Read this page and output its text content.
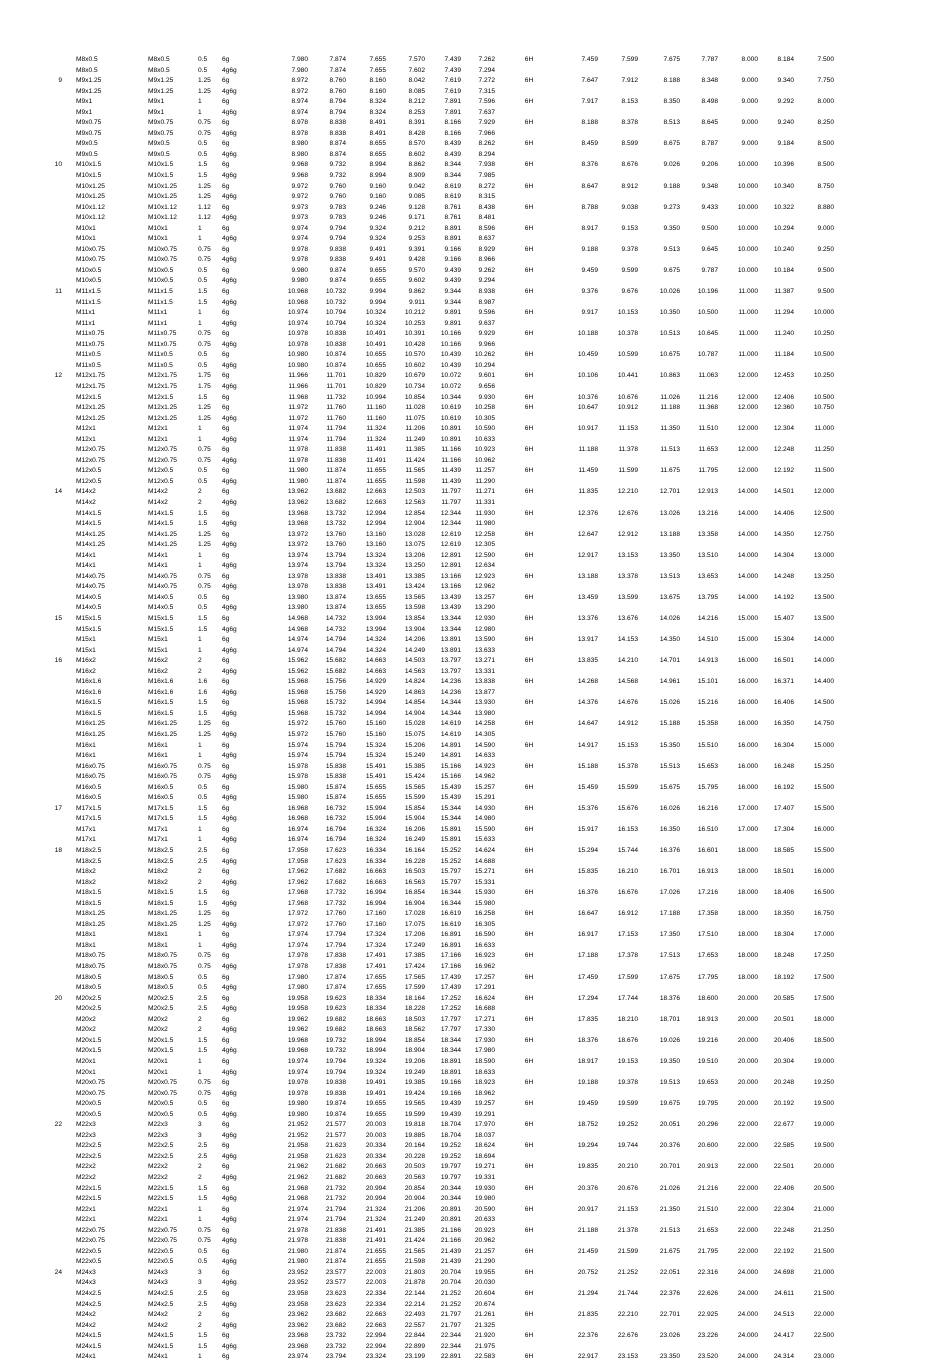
M8x0.5	M8x0.5	0.5 6g	7.980	7.874	7.655	7.570	7.439	7.262	6H	7.459	7.599	7.675	7.787	8.000	8.184	7.500
M8x0.5	M8x0.5	0.5 4g6g	7.980	7.874	7.655	7.602	7.439	7.294
9 M9x1.25	M9x1.25	1.25 6g	8.972	8.760	8.160	8.042	7.619	7.272	6H	7.647	7.912	8.188	8.348	9.000	9.340	7.750
M9x1.25	M9x1.25	1.25 4g6g	8.972	8.760	8.160	8.085	7.619	7.315
M9x1	M9x1	1	6g	8.974	8.794	8.324	8.212	7.891	7.596	6H	7.917	8.153	8.350	8.498	9.000	9.292	8.000
M9x1	M9x1	1	4g6g	8.974	8.794	8.324	8.253	7.891	7.637
M9x0.75	M9x0.75	0.75 6g	8.978	8.838	8.491	8.391	8.166	7.929	6H	8.188	8.378	8.513	8.645	9.000	9.240	8.250
M9x0.75	M9x0.75	0.75 4g6g	8.978	8.838	8.491	8.428	8.166	7.966
M9x0.5	M9x0.5	0.5 6g	8.980	8.874	8.655	8.570	8.439	8.262	6H	8.459	8.599	8.675	8.787	9.000	9.184	8.500
M9x0.5	M9x0.5	0.5 4g6g	8.980	8.874	8.655	8.602	8.439	8.294
10 M10x1.5	M10x1.5	1.5 6g	9.968	9.732	8.994	8.862	8.344	7.938	6H	8.376	8.676	9.026	9.206	10.000	10.396	8.500
M10x1.5	M10x1.5	1.5 4g6g	9.968	9.732	8.994	8.909	8.344	7.985
M10x1.25	M10x1.25	1.25 6g	9.972	9.760	9.160	9.042	8.619	8.272	6H	8.647	8.912	9.188	9.348	10.000	10.340	8.750
M10x1.25	M10x1.25	1.25 4g6g	9.972	9.760	9.160	9.085	8.619	8.315
M10x1.12	M10x1.12	1.12 6g	9.973	9.783	9.246	9.128	8.761	8.438	6H	8.788	9.038	9.273	9.433	10.000	10.322	8.880
M10x1.12	M10x1.12	1.12 4g6g	9.973	9.783	9.246	9.171	8.761	8.481
M10x1	M10x1	1	6g	9.974	9.794	9.324	9.212	8.891	8.596	6H	8.917	9.153	9.350	9.500	10.000	10.294	9.000
M10x1	M10x1	1	4g6g	9.974	9.794	9.324	9.253	8.891	8.637
M10x0.75	M10x0.75	0.75 6g	9.978	9.838	9.491	9.391	9.166	8.929	6H	9.188	9.378	9.513	9.645	10.000	10.240	9.250
M10x0.75	M10x0.75	0.75 4g6g	9.978	9.838	9.491	9.428	9.166	8.966
M10x0.5	M10x0.5	0.5 6g	9.980	9.874	9.655	9.570	9.439	9.262	6H	9.459	9.599	9.675	9.787	10.000	10.184	9.500
M10x0.5	M10x0.5	0.5 4g6g	9.980	9.874	9.655	9.602	9.439	9.294
11 M11x1.5	M11x1.5	1.5 6g	10.968	10.732	9.994	9.862	9.344	8.938	6H	9.376	9.676	10.026	10.196	11.000	11.387	9.500
M11x1.5	M11x1.5	1.5 4g6g	10.968	10.732	9.994	9.911	9.344	8.987
M11x1	M11x1	1	6g	10.974	10.794	10.324	10.212	9.891	9.596	6H	9.917	10.153	10.350	10.500	11.000	11.294	10.000
M11x1	M11x1	1	4g6g	10.974	10.794	10.324	10.253	9.891	9.637
M11x0.75	M11x0.75	0.75 6g	10.978	10.838	10.491	10.391	10.166	9.929	6H	10.188	10.378	10.513	10.645	11.000	11.240	10.250
M11x0.75	M11x0.75	0.75 4g6g	10.978	10.838	10.491	10.428	10.166	9.966
M11x0.5	M11x0.5	0.5 6g	10.980	10.874	10.655	10.570	10.439	10.262	6H	10.459	10.599	10.675	10.787	11.000	11.184	10.500
M11x0.5	M11x0.5	0.5 4g6g	10.980	10.874	10.655	10.602	10.439	10.294
12 M12x1.75	M12x1.75	1.75 6g	11.966	11.701	10.829	10.679	10.072	9.601	6H	10.106	10.441	10.863	11.063	12.000	12.453	10.250
M12x1.75	M12x1.75	1.75 4g6g	11.966	11.701	10.829	10.734	10.072	9.656
M12x1.5	M12x1.5	1.5 6g	11.968	11.732	10.994	10.854	10.344	9.930	6H	10.376	10.676	11.026	11.216	12.000	12.406	10.500
M12x1.25	M12x1.25	1.25 6g	11.972	11.760	11.160	11.028	10.619	10.258	6H	10.647	10.912	11.188	11.368	12.000	12.360	10.750
M12x1.25	M12x1.25	1.25 4g6g	11.972	11.760	11.160	11.075	10.619	10.305
M12x1	M12x1	1	6g	11.974	11.794	11.324	11.206	10.891	10.590	6H	10.917	11.153	11.350	11.510	12.000	12.304	11.000
M12x1	M12x1	1	4g6g	11.974	11.794	11.324	11.249	10.891	10.633
M12x0.75	M12x0.75	0.75 6g	11.978	11.838	11.491	11.385	11.166	10.923	6H	11.188	11.378	11.513	11.653	12.000	12.248	11.250
M12x0.75	M12x0.75	0.75 4g6g	11.978	11.838	11.491	11.424	11.166	10.962
M12x0.5	M12x0.5	0.5 6g	11.980	11.874	11.655	11.565	11.439	11.257	6H	11.459	11.599	11.675	11.795	12.000	12.192	11.500
M12x0.5	M12x0.5	0.5 4g6g	11.980	11.874	11.655	11.598	11.439	11.290
14 M14x2	M14x2	2	6g	13.962	13.682	12.663	12.503	11.797	11.271	6H	11.835	12.210	12.701	12.913	14.000	14.501	12.000
M14x2	M14x2	2	4g6g	13.962	13.682	12.663	12.563	11.797	11.331
M14x1.5	M14x1.5	1.5 6g	13.968	13.732	12.994	12.854	12.344	11.930	6H	12.376	12.676	13.026	13.216	14.000	14.406	12.500
M14x1.5	M14x1.5	1.5 4g6g	13.968	13.732	12.994	12.904	12.344	11.980
M14x1.25	M14x1.25	1.25 6g	13.972	13.760	13.160	13.028	12.619	12.258	6H	12.647	12.912	13.188	13.358	14.000	14.350	12.750
M14x1.25	M14x1.25	1.25 4g6g	13.972	13.760	13.160	13.075	12.619	12.305
M14x1	M14x1	1	6g	13.974	13.794	13.324	13.206	12.891	12.590	6H	12.917	13.153	13.350	13.510	14.000	14.304	13.000
M14x1	M14x1	1	4g6g	13.974	13.794	13.324	13.250	12.891	12.634
M14x0.75	M14x0.75	0.75 6g	13.978	13.838	13.491	13.385	13.166	12.923	6H	13.188	13.378	13.513	13.653	14.000	14.248	13.250
M14x0.75	M14x0.75	0.75 4g6g	13.978	13.838	13.491	13.424	13.166	12.962
M14x0.5	M14x0.5	0.5 6g	13.980	13.874	13.655	13.565	13.439	13.257	6H	13.459	13.599	13.675	13.795	14.000	14.192	13.500
M14x0.5	M14x0.5	0.5 4g6g	13.980	13.874	13.655	13.598	13.439	13.290
15 M15x1.5	M15x1.5	1.5 6g	14.968	14.732	13.994	13.854	13.344	12.930	6H	13.376	13.676	14.026	14.216	15.000	15.407	13.500
M15x1.5	M15x1.5	1.5 4g6g	14.968	14.732	13.994	13.904	13.344	12.980
M15x1	M15x1	1	6g	14.974	14.794	14.324	14.206	13.891	13.590	6H	13.917	14.153	14.350	14.510	15.000	15.304	14.000
M15x1	M15x1	1	4g6g	14.974	14.794	14.324	14.249	13.891	13.633
16 M16x2	M16x2	2	6g	15.962	15.682	14.663	14.503	13.797	13.271	6H	13.835	14.210	14.701	14.913	16.000	16.501	14.000
M16x2	M16x2	2	4g6g	15.962	15.682	14.663	14.563	13.797	13.331
M16x1.6	M16x1.6	1.6 6g	15.968	15.756	14.929	14.824	14.236	13.838	6H	14.268	14.568	14.961	15.101	16.000	16.371	14.400
M16x1.6	M16x1.6	1.6 4g6g	15.968	15.756	14.929	14.863	14.236	13.877
M16x1.5	M16x1.5	1.5 6g	15.968	15.732	14.994	14.854	14.344	13.930	6H	14.376	14.676	15.026	15.216	16.000	16.406	14.500
M16x1.5	M16x1.5	1.5 4g6g	15.968	15.732	14.994	14.904	14.344	13.980
M16x1.25	M16x1.25	1.25 6g	15.972	15.760	15.160	15.028	14.619	14.258	6H	14.647	14.912	15.188	15.358	16.000	16.350	14.750
M16x1.25	M16x1.25	1.25 4g6g	15.972	15.760	15.160	15.075	14.619	14.305
M16x1	M16x1	1	6g	15.974	15.794	15.324	15.206	14.891	14.590	6H	14.917	15.153	15.350	15.510	16.000	16.304	15.000
M16x1	M16x1	1	4g6g	15.974	15.794	15.324	15.249	14.891	14.633
M16x0.75	M16x0.75	0.75 6g	15.978	15.838	15.491	15.385	15.166	14.923	6H	15.188	15.378	15.513	15.653	16.000	16.248	15.250
M16x0.75	M16x0.75	0.75 4g6g	15.978	15.838	15.491	15.424	15.166	14.962
M16x0.5	M16x0.5	0.5 6g	15.980	15.874	15.655	15.565	15.439	15.257	6H	15.459	15.599	15.675	15.795	16.000	16.192	15.500
M16x0.5	M16x0.5	0.5 4g6g	15.980	15.874	15.655	15.599	15.439	15.291
17 M17x1.5	M17x1.5	1.5 6g	16.968	16.732	15.994	15.854	15.344	14.930	6H	15.376	15.676	16.026	16.216	17.000	17.407	15.500
M17x1.5	M17x1.5	1.5 4g6g	16.968	16.732	15.994	15.904	15.344	14.980
M17x1	M17x1	1	6g	16.974	16.794	16.324	16.206	15.891	15.590	6H	15.917	16.153	16.350	16.510	17.000	17.304	16.000
M17x1	M17x1	1	4g6g	16.974	16.794	16.324	16.249	15.891	15.633
18 M18x2.5	M18x2.5	2.5 6g	17.958	17.623	16.334	16.164	15.252	14.624	6H	15.294	15.744	16.376	16.601	18.000	18.585	15.500
M18x2.5	M18x2.5	2.5 4g6g	17.958	17.623	16.334	16.228	15.252	14.688
M18x2	M18x2	2	6g	17.962	17.682	16.663	16.503	15.797	15.271	6H	15.835	16.210	16.701	16.913	18.000	18.501	16.000
M18x2	M18x2	2	4g6g	17.962	17.682	16.663	16.563	15.797	15.331
M18x1.5	M18x1.5	1.5 6g	17.968	17.732	16.994	16.854	16.344	15.930	6H	16.376	16.676	17.026	17.216	18.000	18.406	16.500
M18x1.5	M18x1.5	1.5 4g6g	17.968	17.732	16.994	16.904	16.344	15.980
M18x1.25	M18x1.25	1.25 6g	17.972	17.760	17.160	17.028	16.619	16.258	6H	16.647	16.912	17.188	17.358	18.000	18.350	16.750
M18x1.25	M18x1.25	1.25 4g6g	17.972	17.760	17.160	17.075	16.619	16.305
M18x1	M18x1	1	6g	17.974	17.794	17.324	17.206	16.891	16.590	6H	16.917	17.153	17.350	17.510	18.000	18.304	17.000
M18x1	M18x1	1	4g6g	17.974	17.794	17.324	17.249	16.891	16.633
M18x0.75	M18x0.75	0.75 6g	17.978	17.838	17.491	17.385	17.166	16.923	6H	17.188	17.378	17.513	17.653	18.000	18.248	17.250
M18x0.75	M18x0.75	0.75 4g6g	17.978	17.838	17.491	17.424	17.166	16.962
M18x0.5	M18x0.5	0.5 6g	17.980	17.874	17.655	17.565	17.439	17.257	6H	17.459	17.599	17.675	17.795	18.000	18.192	17.500
M18x0.5	M18x0.5	0.5 4g6g	17.980	17.874	17.655	17.599	17.439	17.291
20 M20x2.5	M20x2.5	2.5 6g	19.958	19.623	18.334	18.164	17.252	16.624	6H	17.294	17.744	18.376	18.600	20.000	20.585	17.500
M20x2.5	M20x2.5	2.5 4g6g	19.958	19.623	18.334	18.228	17.252	16.688
M20x2	M20x2	2	6g	19.962	19.682	18.663	18.503	17.797	17.271	6H	17.835	18.210	18.701	18.913	20.000	20.501	18.000
M20x2	M20x2	2	4g6g	19.962	19.682	18.663	18.562	17.797	17.330
M20x1.5	M20x1.5	1.5 6g	19.968	19.732	18.994	18.854	18.344	17.930	6H	18.376	18.676	19.026	19.216	20.000	20.406	18.500
M20x1.5	M20x1.5	1.5 4g6g	19.968	19.732	18.994	18.904	18.344	17.980
M20x1	M20x1	1	6g	19.974	19.794	19.324	19.206	18.891	18.590	6H	18.917	19.153	19.350	19.510	20.000	20.304	19.000
M20x1	M20x1	1	4g6g	19.974	19.794	19.324	19.249	18.891	18.633
M20x0.75	M20x0.75	0.75 6g	19.978	19.838	19.491	19.385	19.166	18.923	6H	19.188	19.378	19.513	19.653	20.000	20.248	19.250
M20x0.75	M20x0.75	0.75 4g6g	19.978	19.838	19.491	19.424	19.166	18.962
M20x0.5	M20x0.5	0.5 6g	19.980	19.874	19.655	19.565	19.439	19.257	6H	19.459	19.599	19.675	19.795	20.000	20.192	19.500
M20x0.5	M20x0.5	0.5 4g6g	19.980	19.874	19.655	19.599	19.439	19.291
22 M22x3	M22x3	3	6g	21.952	21.577	20.003	19.818	18.704	17.970	6H	18.752	19.252	20.051	20.296	22.000	22.677	19.000
M22x3	M22x3	3	4g6g	21.952	21.577	20.003	19.885	18.704	18.037
M22x2.5	M22x2.5	2.5 6g	21.958	21.623	20.334	20.164	19.252	18.624	6H	19.294	19.744	20.376	20.600	22.000	22.585	19.500
M22x2.5	M22x2.5	2.5 4g6g	21.958	21.623	20.334	20.228	19.252	18.694
M22x2	M22x2	2	6g	21.962	21.682	20.663	20.503	19.797	19.271	6H	19.835	20.210	20.701	20.913	22.000	22.501	20.000
M22x2	M22x2	2	4g6g	21.962	21.682	20.663	20.563	19.797	19.331
M22x1.5	M22x1.5	1.5 6g	21.968	21.732	20.994	20.854	20.344	19.930	6H	20.376	20.676	21.026	21.216	22.000	22.406	20.500
M22x1.5	M22x1.5	1.5 4g6g	21.968	21.732	20.994	20.904	20.344	19.980
M22x1	M22x1	1	6g	21.974	21.794	21.324	21.206	20.891	20.590	6H	20.917	21.153	21.350	21.510	22.000	22.304	21.000
M22x1	M22x1	1	4g6g	21.974	21.794	21.324	21.249	20.891	20.633
M22x0.75	M22x0.75	0.75 6g	21.978	21.838	21.491	21.385	21.166	20.923	6H	21.188	21.378	21.513	21.653	22.000	22.248	21.250
M22x0.75	M22x0.75	0.75 4g6g	21.978	21.838	21.491	21.424	21.166	20.962
M22x0.5	M22x0.5	0.5 6g	21.980	21.874	21.655	21.565	21.439	21.257	6H	21.459	21.599	21.675	21.795	22.000	22.192	21.500
M22x0.5	M22x0.5	0.5 4g6g	21.980	21.874	21.655	21.598	21.439	21.290
24 M24x3	M24x3	3	6g	23.952	23.577	22.003	21.803	20.704	19.955	6H	20.752	21.252	22.051	22.316	24.000	24.698	21.000
M24x3	M24x3	3	4g6g	23.952	23.577	22.003	21.878	20.704	20.030
M24x2.5	M24x2.5	2.5 6g	23.958	23.623	22.334	22.144	21.252	20.604	6H	21.294	21.744	22.376	22.626	24.000	24.611	21.500
M24x2.5	M24x2.5	2.5 4g6g	23.958	23.623	22.334	22.214	21.252	20.674
M24x2	M24x2	2	6g	23.962	23.682	22.663	22.493	21.797	21.261	6H	21.835	22.210	22.701	22.925	24.000	24.513	22.000
M24x2	M24x2	2	4g6g	23.962	23.682	22.663	22.557	21.797	21.325
M24x1.5	M24x1.5	1.5 6g	23.968	23.732	22.994	22.844	22.344	21.920	6H	22.376	22.676	23.026	23.226	24.000	24.417	22.500
M24x1.5	M24x1.5	1.5 4g6g	23.968	23.732	22.994	22.899	22.344	21.975
M24x1	M24x1	1	6g	23.974	23.794	23.324	23.199	22.891	22.583	6H	22.917	23.153	23.350	23.520	24.000	24.314	23.000
